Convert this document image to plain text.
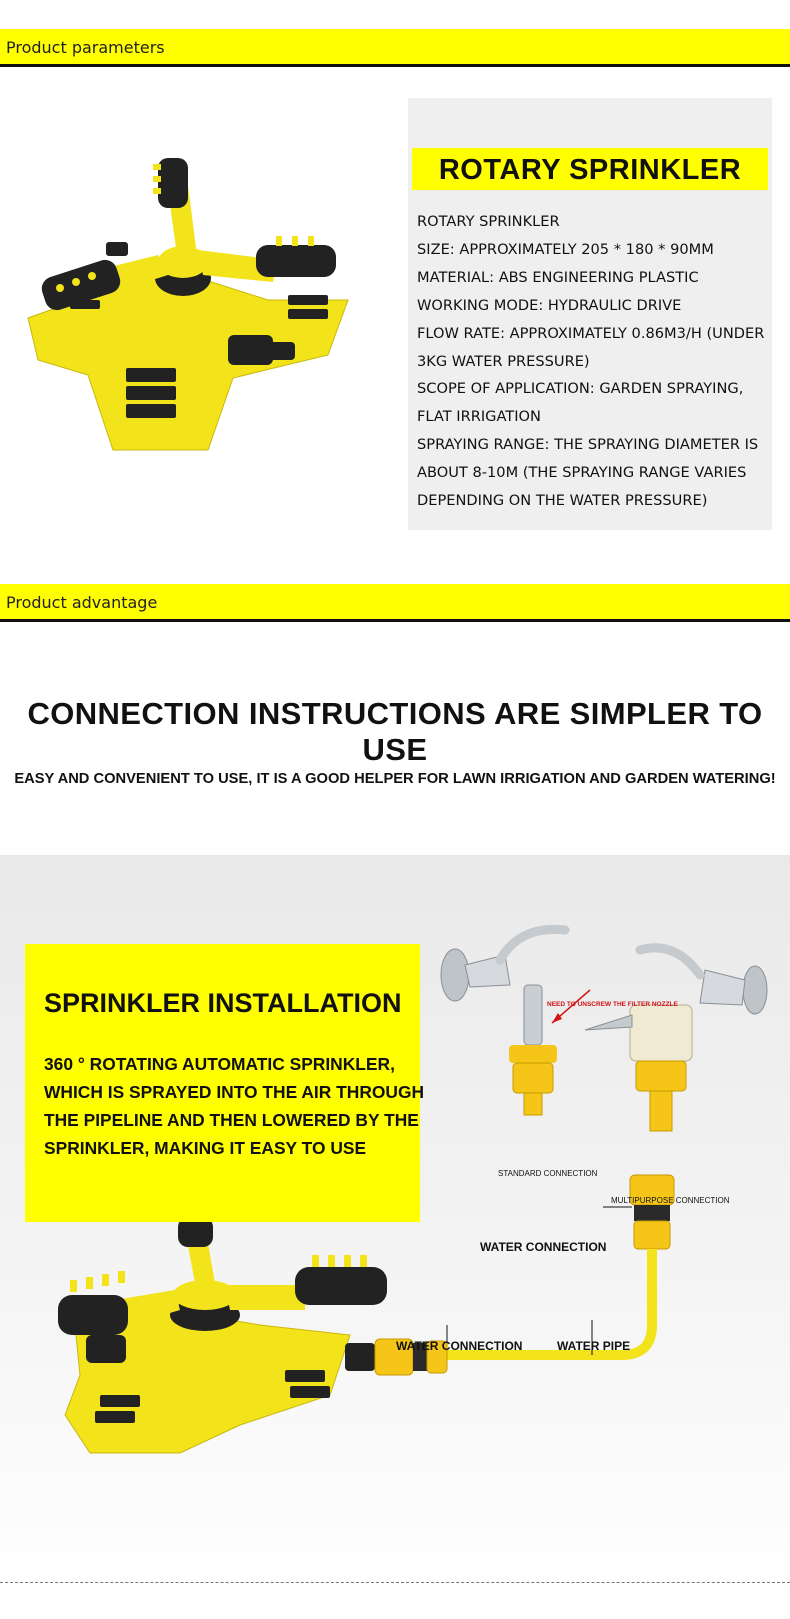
Product parameters
ROTARY SPRINKLER
ROTARY SPRINKLER
SIZE: APPROXIMATELY 205 * 180 * 90MM
MATERIAL: ABS ENGINEERING PLASTIC
WORKING MODE: HYDRAULIC DRIVE
FLOW RATE: APPROXIMATELY 0.86M3/H (UNDER
3KG WATER PRESSURE)
SCOPE OF APPLICATION: GARDEN SPRAYING,
FLAT IRRIGATION
SPRAYING RANGE: THE SPRAYING DIAMETER IS
ABOUT 8-10M (THE SPRAYING RANGE VARIES
DEPENDING ON THE WATER PRESSURE)
Product advantage
CONNECTION INSTRUCTIONS ARE SIMPLER TO USE
EASY AND CONVENIENT TO USE, IT IS A GOOD HELPER FOR LAWN IRRIGATION AND GARDEN WATERING!
SPRINKLER INSTALLATION
360 ° ROTATING AUTOMATIC SPRINKLER,
WHICH IS SPRAYED INTO THE AIR THROUGH
THE PIPELINE AND THEN LOWERED BY THE
SPRINKLER, MAKING IT EASY TO USE
NEED TO UNSCREW THE FILTER NOZZLE
STANDARD CONNECTION
MULTIPURPOSE CONNECTION
WATER CONNECTION
WATER CONNECTION	WATER PIPE
